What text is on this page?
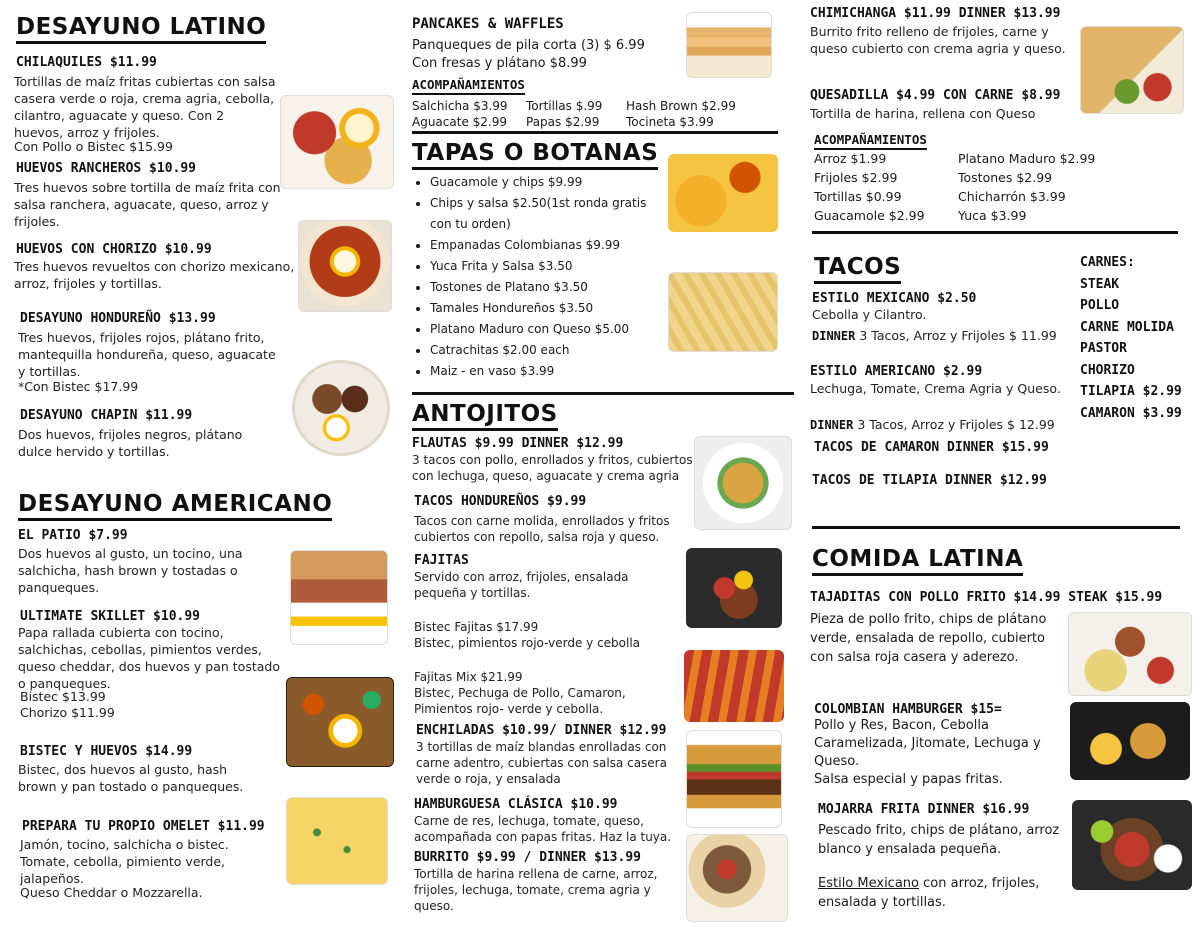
DESAYUNO LATINO
CHILAQUILES $11.99
Tortillas de maíz fritas cubiertas con salsa casera verde o roja, crema agria, cebolla, cilantro, aguacate y queso. Con 2 huevos, arroz y frijoles.
Con Pollo o Bistec $15.99
HUEVOS RANCHEROS $10.99
Tres huevos sobre tortilla de maíz frita con salsa ranchera, aguacate, queso, arroz y frijoles.
HUEVOS CON CHORIZO $10.99
Tres huevos revueltos con chorizo mexicano, arroz, frijoles y tortillas.
DESAYUNO HONDUREÑO $13.99
Tres huevos, frijoles rojos, plátano frito, mantequilla hondureña, queso, aguacate y tortillas.
*Con Bistec $17.99
DESAYUNO CHAPIN $11.99
Dos huevos, frijoles negros, plátano dulce hervido y tortillas.
DESAYUNO AMERICANO
EL PATIO $7.99
Dos huevos al gusto, un tocino, una salchicha, hash brown y tostadas o panqueques.
ULTIMATE SKILLET $10.99
Papa rallada cubierta con tocino, salchichas, cebollas, pimientos verdes, queso cheddar, dos huevos y pan tostado o panqueques.
Bistec $13.99
Chorizo $11.99
BISTEC Y HUEVOS $14.99
Bistec, dos huevos al gusto, hash brown y pan tostado o panqueques.
PREPARA TU PROPIO OMELET $11.99
Jamón, tocino, salchicha o bistec. Tomate, cebolla, pimiento verde, jalapeños.
Queso Cheddar o Mozzarella.
PANCAKES & WAFFLES
Panqueques de pila corta (3) $ 6.99
Con fresas y plátano $8.99
ACOMPAÑAMIENTOS
Salchicha $3.99	Tortillas $.99	Hash Brown $2.99
Aguacate $2.99	Papas $2.99	Tocineta $3.99
TAPAS O BOTANAS
• Guacamole y chips $9.99
• Chips y salsa $2.50(1st ronda gratis con tu orden)
• Empanadas Colombianas $9.99
• Yuca Frita y Salsa $3.50
• Tostones de Platano $3.50
• Tamales Hondureños $3.50
• Platano Maduro con Queso $5.00
• Catrachitas $2.00 each
• Maiz - en vaso $3.99
ANTOJITOS
FLAUTAS $9.99 DINNER $12.99
3 tacos con pollo, enrollados y fritos, cubiertos con lechuga, queso, aguacate y crema agria
TACOS HONDUREÑOS $9.99
Tacos con carne molida, enrollados y fritos cubiertos con repollo, salsa roja y queso.
FAJITAS
Servido con arroz, frijoles, ensalada pequeña y tortillas.
Bistec Fajitas $17.99
Bistec, pimientos rojo-verde y cebolla
Fajitas Mix $21.99
Bistec, Pechuga de Pollo, Camaron, Pimientos rojo- verde y cebolla.
ENCHILADAS $10.99/ DINNER $12.99
3 tortillas de maíz blandas enrolladas con carne adentro, cubiertas con salsa casera verde o roja, y ensalada
HAMBURGUESA CLÁSICA $10.99
Carne de res, lechuga, tomate, queso, acompañada con papas fritas. Haz la tuya.
BURRITO $9.99 / DINNER $13.99
Tortilla de harina rellena de carne, arroz, frijoles, lechuga, tomate, crema agria y queso.
CHIMICHANGA $11.99 DINNER $13.99
Burrito frito relleno de frijoles, carne y queso cubierto con crema agria y queso.
QUESADILLA $4.99 CON CARNE $8.99
Tortilla de harina, rellena con Queso
ACOMPAÑAMIENTOS
Arroz $1.99	Platano Maduro $2.99
Frijoles $2.99	Tostones $2.99
Tortillas $0.99	Chicharrón $3.99
Guacamole $2.99	Yuca $3.99
TACOS
ESTILO MEXICANO $2.50
Cebolla y Cilantro.
DINNER 3 Tacos, Arroz y Frijoles $ 11.99
ESTILO AMERICANO $2.99
Lechuga, Tomate, Crema Agria y Queso.
DINNER 3 Tacos, Arroz y Frijoles $ 12.99
TACOS DE CAMARON DINNER $15.99
TACOS DE TILAPIA DINNER $12.99
CARNES:
STEAK
POLLO
CARNE MOLIDA
PASTOR
CHORIZO
TILAPIA $2.99
CAMARON $3.99
COMIDA LATINA
TAJADITAS CON POLLO FRITO $14.99 STEAK $15.99
Pieza de pollo frito, chips de plátano verde, ensalada de repollo, cubierto con salsa roja casera y aderezo.
COLOMBIAN HAMBURGER $15=
Pollo y Res, Bacon, Cebolla Caramelizada, Jitomate, Lechuga y Queso.
Salsa especial y papas fritas.
MOJARRA FRITA DINNER $16.99
Pescado frito, chips de plátano, arroz blanco y ensalada pequeña.
Estilo Mexicano con arroz, frijoles, ensalada y tortillas.
